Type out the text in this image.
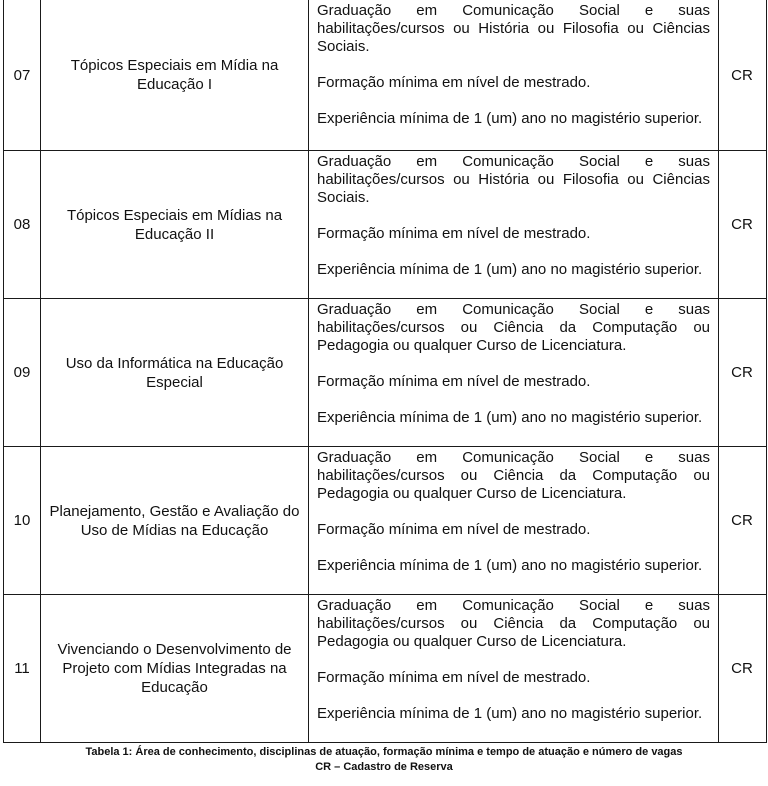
07
Tópicos Especiais em Mídia na Educação I

Graduação em Comunicação Social e suas habilitações/cursos ou História ou Filosofia ou Ciências Sociais.

Formação mínima em nível de mestrado.

Experiência mínima de 1 (um) ano no magistério superior.

CR
08
Tópicos Especiais em Mídias na Educação II

Graduação em Comunicação Social e suas habilitações/cursos ou História ou Filosofia ou Ciências Sociais.

Formação mínima em nível de mestrado.

Experiência mínima de 1 (um) ano no magistério superior.

CR
09
Uso da Informática na Educação Especial

Graduação em Comunicação Social e suas habilitações/cursos ou Ciência da Computação ou Pedagogia ou qualquer Curso de Licenciatura.

Formação mínima em nível de mestrado.

Experiência mínima de 1 (um) ano no magistério superior.

CR
10
Planejamento, Gestão e Avaliação do Uso de Mídias na Educação

Graduação em Comunicação Social e suas habilitações/cursos ou Ciência da Computação ou Pedagogia ou qualquer Curso de Licenciatura.

Formação mínima em nível de mestrado.

Experiência mínima de 1 (um) ano no magistério superior.

CR
11
Vivenciando o Desenvolvimento de Projeto com Mídias Integradas na Educação

Graduação em Comunicação Social e suas habilitações/cursos ou Ciência da Computação ou Pedagogia ou qualquer Curso de Licenciatura.

Formação mínima em nível de mestrado.

Experiência mínima de 1 (um) ano no magistério superior.

CR
Tabela 1: Área de conhecimento, disciplinas de atuação, formação mínima e tempo de atuação e número de vagas
CR – Cadastro de Reserva
